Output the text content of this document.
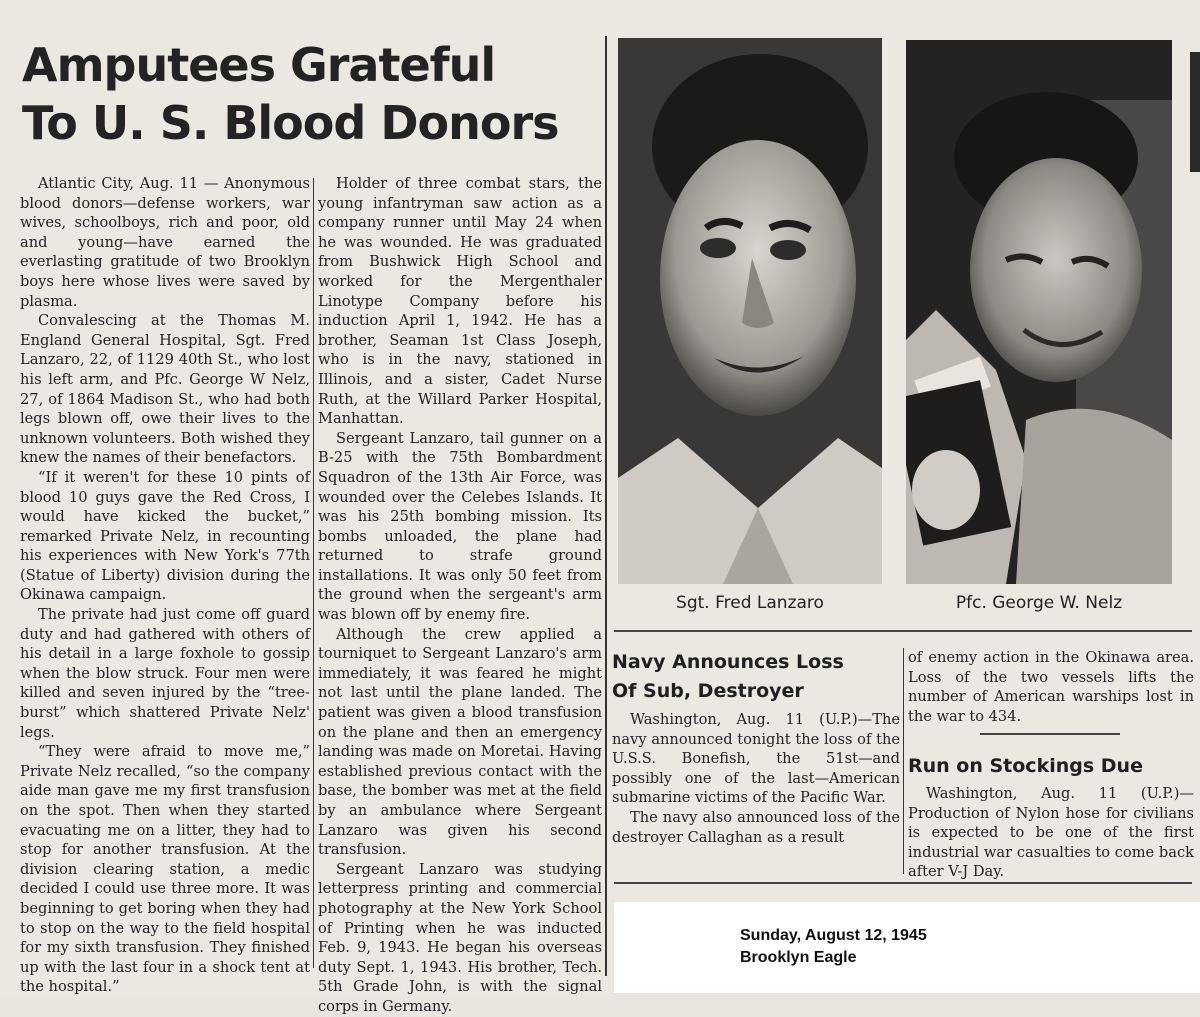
Amputees Grateful
To U. S. Blood Donors

Atlantic City, Aug. 11 — Anonymous blood donors—defense workers, war wives, schoolboys, rich and poor, old and young—have earned the everlasting gratitude of two Brooklyn boys here whose lives were saved by plasma.

Convalescing at the Thomas M. England General Hospital, Sgt. Fred Lanzaro, 22, of 1129 40th St., who lost his left arm, and Pfc. George W Nelz, 27, of 1864 Madison St., who had both legs blown off, owe their lives to the unknown volunteers. Both wished they knew the names of their benefactors.

“If it weren't for these 10 pints of blood 10 guys gave the Red Cross, I would have kicked the bucket,” remarked Private Nelz, in recounting his experiences with New York's 77th (Statue of Liberty) division during the Okinawa campaign.

The private had just come off guard duty and had gathered with others of his detail in a large foxhole to gossip when the blow struck. Four men were killed and seven injured by the “tree-burst” which shattered Private Nelz' legs.

“They were afraid to move me,” Private Nelz recalled, “so the company aide man gave me my first transfusion on the spot. Then when they started evacuating me on a litter, they had to stop for another transfusion. At the division clearing station, a medic decided I could use three more. It was beginning to get boring when they had to stop on the way to the field hospital for my sixth transfusion. They finished up with the last four in a shock tent at the hospital.”

Holder of three combat stars, the young infantryman saw action as a company runner until May 24 when he was wounded. He was graduated from Bushwick High School and worked for the Mergenthaler Linotype Company before his induction April 1, 1942. He has a brother, Seaman 1st Class Joseph, who is in the navy, stationed in Illinois, and a sister, Cadet Nurse Ruth, at the Willard Parker Hospital, Manhattan.

Sergeant Lanzaro, tail gunner on a B-25 with the 75th Bombardment Squadron of the 13th Air Force, was wounded over the Celebes Islands. It was his 25th bombing mission. Its bombs unloaded, the plane had returned to strafe ground installations. It was only 50 feet from the ground when the sergeant's arm was blown off by enemy fire.

Although the crew applied a tourniquet to Sergeant Lanzaro's arm immediately, it was feared he might not last until the plane landed. The patient was given a blood transfusion on the plane and then an emergency landing was made on Moretai. Having established previous contact with the base, the bomber was met at the field by an ambulance where Sergeant Lanzaro was given his second transfusion.

Sergeant Lanzaro was studying letterpress printing and commercial photography at the New York School of Printing when he was inducted Feb. 9, 1943. He began his overseas duty Sept. 1, 1943. His brother, Tech. 5th Grade John, is with the signal corps in Germany.

Sgt. Fred Lanzaro	Pfc. George W. Nelz
Navy Announces Loss
Of Sub, Destroyer

Washington, Aug. 11 (U.P.)—The navy announced tonight the loss of the U.S.S. Bonefish, the 51st—and possibly one of the last—American submarine victims of the Pacific War.

The navy also announced loss of the destroyer Callaghan as a result

of enemy action in the Okinawa area. Loss of the two vessels lifts the number of American warships lost in the war to 434.

Run on Stockings Due

Washington, Aug. 11 (U.P.)—Production of Nylon hose for civilians is expected to be one of the first industrial war casualties to come back after V-J Day.

Sunday, August 12, 1945
Brooklyn Eagle
